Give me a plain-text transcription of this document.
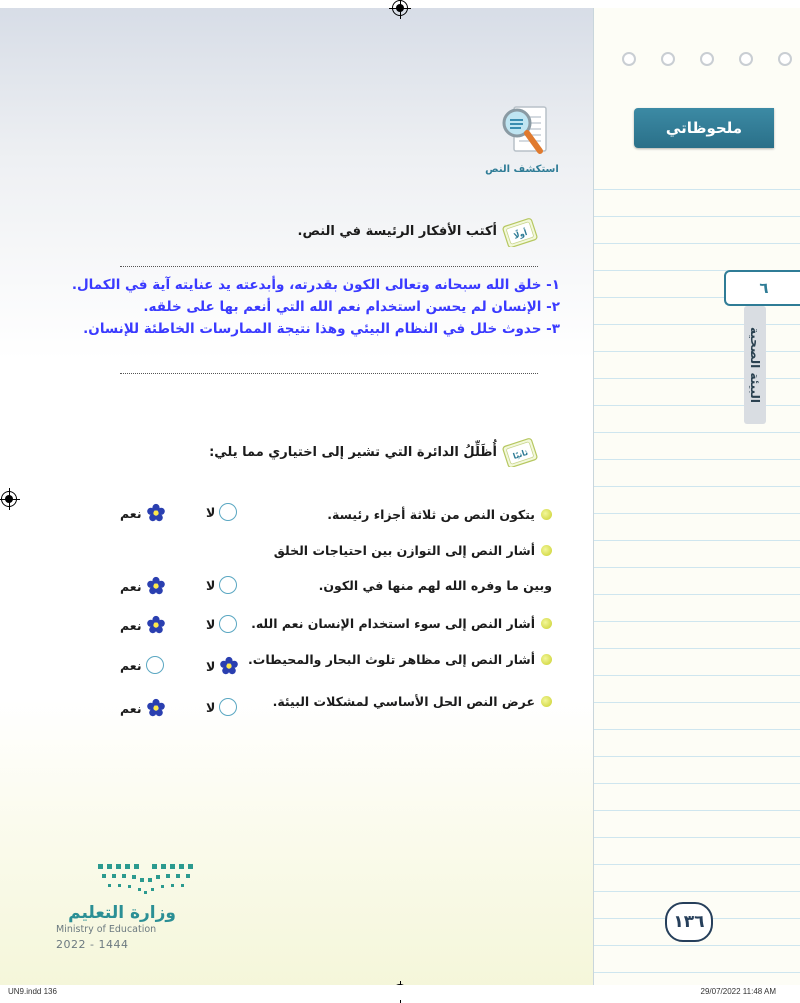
ملحوظاتي
٦
البيئة الصحية
استكشف النص
أولًا
أكتب الأفكار الرئيسة في النص.
١- خلق الله سبحانه وتعالى الكون بقدرته، وأبدعته يد عنايته آية في الكمال.
٢- الإنسان لم يحسن استخدام نعم الله التي أنعم بها على خلقه.
٣- حدوث خلل في النظام البيئي وهذا نتيجة الممارسات الخاطئة للإنسان.
ثانيًا
أُظَلِّلُ الدائرة التي تشير إلى اختياري مما يلي:
يتكون النص من ثلاثة أجزاء رئيسة.
أشار النص إلى التوازن بين احتياجات الخلق
وبين ما وفره الله لهم منها في الكون.
أشار النص إلى سوء استخدام الإنسان نعم الله.
أشار النص إلى مظاهر تلوث البحار والمحيطات.
عرض النص الحل الأساسي لمشكلات البيئة.
لا
نعم
لا
نعم
لا
نعم
لا
نعم
لا
نعم
١٣٦
وزارة التعليم
Ministry of Education
2022 - 1444
UN9.indd 136	29/07/2022 11:48 AM
